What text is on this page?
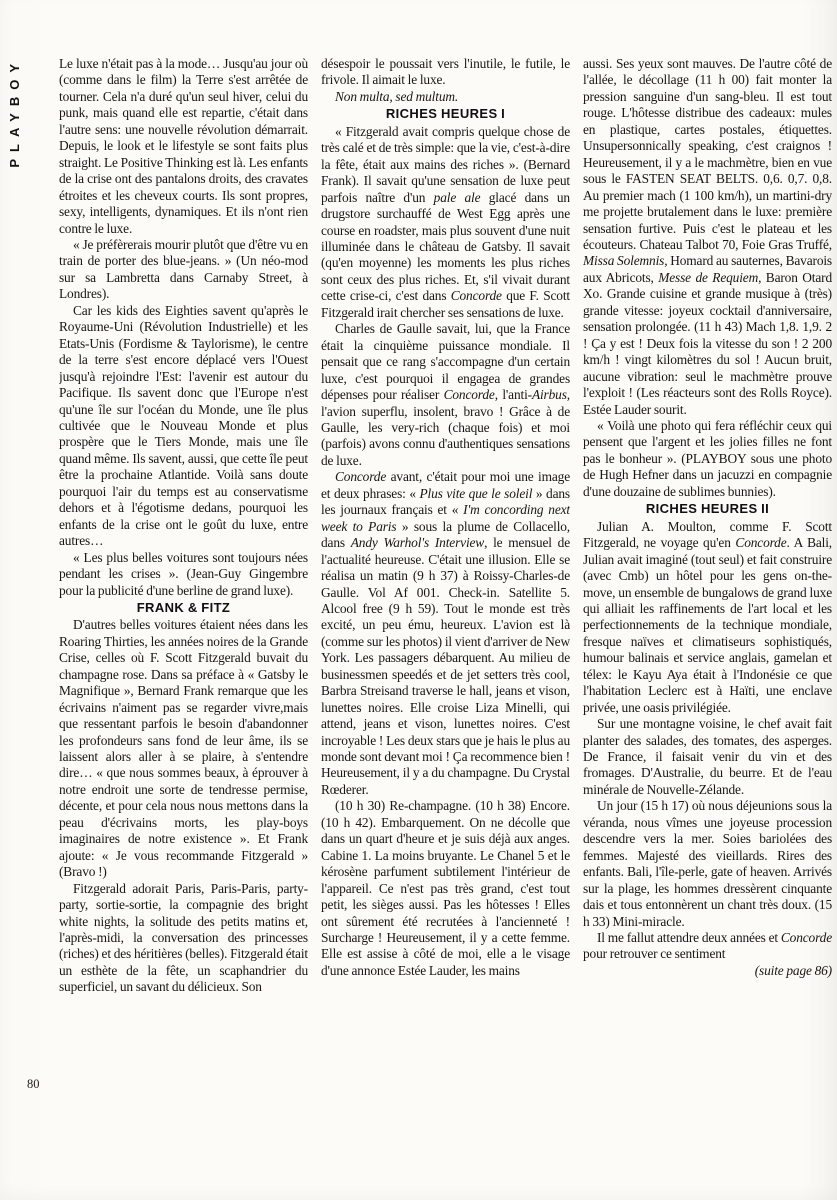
PLAYBOY
80

Le luxe n'était pas à la mode… Jusqu'au jour où (comme dans le film) la Terre s'est arrêtée de tourner. Cela n'a duré qu'un seul hiver, celui du punk, mais quand elle est repartie, c'était dans l'autre sens: une nouvelle révolution démarrait. Depuis, le look et le lifestyle se sont faits plus straight. Le Positive Thinking est là. Les enfants de la crise ont des pantalons droits, des cravates étroites et les cheveux courts. Ils sont propres, sexy, intelligents, dynamiques. Et ils n'ont rien contre le luxe.

« Je préfèrerais mourir plutôt que d'être vu en train de porter des blue-jeans. » (Un néo-mod sur sa Lambretta dans Carnaby Street, à Londres).

Car les kids des Eighties savent qu'après le Royaume-Uni (Révolution Industrielle) et les Etats-Unis (Fordisme & Taylorisme), le centre de la terre s'est encore déplacé vers l'Ouest jusqu'à rejoindre l'Est: l'avenir est autour du Pacifique. Ils savent donc que l'Europe n'est qu'une île sur l'océan du Monde, une île plus cultivée que le Nouveau Monde et plus prospère que le Tiers Monde, mais une île quand même. Ils savent, aussi, que cette île peut être la prochaine Atlantide. Voilà sans doute pourquoi l'air du temps est au conservatisme dehors et à l'égotisme dedans, pourquoi les enfants de la crise ont le goût du luxe, entre autres…

« Les plus belles voitures sont toujours nées pendant les crises ». (Jean-Guy Gingembre pour la publicité d'une berline de grand luxe).

FRANK & FITZ

D'autres belles voitures étaient nées dans les Roaring Thirties, les années noires de la Grande Crise, celles où F. Scott Fitzgerald buvait du champagne rose. Dans sa préface à « Gatsby le Magnifique », Bernard Frank remarque que les écrivains n'aiment pas se regarder vivre,mais que ressentant parfois le besoin d'abandonner les profondeurs sans fond de leur âme, ils se laissent alors aller à se plaire, à s'entendre dire… « que nous sommes beaux, à éprouver à notre endroit une sorte de tendresse permise, décente, et pour cela nous nous mettons dans la peau d'écrivains morts, les play-boys imaginaires de notre existence ». Et Frank ajoute: « Je vous recommande Fitzgerald » (Bravo !)

Fitzgerald adorait Paris, Paris-Paris, party-party, sortie-sortie, la compagnie des bright white nights, la solitude des petits matins et, l'après-midi, la conversation des princesses (riches) et des héritières (belles). Fitzgerald était un esthète de la fête, un scaphandrier du superficiel, un savant du délicieux. Son

désespoir le poussait vers l'inutile, le futile, le frivole. Il aimait le luxe.

Non multa, sed multum.

RICHES HEURES I

« Fitzgerald avait compris quelque chose de très calé et de très simple: que la vie, c'est-à-dire la fête, était aux mains des riches ». (Bernard Frank). Il savait qu'une sensation de luxe peut parfois naître d'un pale ale glacé dans un drugstore surchauffé de West Egg après une course en roadster, mais plus souvent d'une nuit illuminée dans le château de Gatsby. Il savait (qu'en moyenne) les moments les plus riches sont ceux des plus riches. Et, s'il vivait durant cette crise-ci, c'est dans Concorde que F. Scott Fitzgerald irait chercher ses sensations de luxe.

Charles de Gaulle savait, lui, que la France était la cinquième puissance mondiale. Il pensait que ce rang s'accompagne d'un certain luxe, c'est pourquoi il engagea de grandes dépenses pour réaliser Concorde, l'anti-Airbus, l'avion superflu, insolent, bravo ! Grâce à de Gaulle, les very-rich (chaque fois) et moi (parfois) avons connu d'authentiques sensations de luxe.

Concorde avant, c'était pour moi une image et deux phrases: « Plus vite que le soleil » dans les journaux français et « I'm concording next week to Paris » sous la plume de Collacello, dans Andy Warhol's Interview, le mensuel de l'actualité heureuse. C'était une illusion. Elle se réalisa un matin (9 h 37) à Roissy-Charles-de Gaulle. Vol Af 001. Check-in. Satellite 5. Alcool free (9 h 59). Tout le monde est très excité, un peu ému, heureux. L'avion est là (comme sur les photos) il vient d'arriver de New York. Les passagers débarquent. Au milieu de businessmen speedés et de jet setters très cool, Barbra Streisand traverse le hall, jeans et vison, lunettes noires. Elle croise Liza Minelli, qui attend, jeans et vison, lunettes noires. C'est incroyable ! Les deux stars que je hais le plus au monde sont devant moi ! Ça recommence bien ! Heureusement, il y a du champagne. Du Crystal Rœderer.

(10 h 30) Re-champagne. (10 h 38) Encore. (10 h 42). Embarquement. On ne décolle que dans un quart d'heure et je suis déjà aux anges. Cabine 1. La moins bruyante. Le Chanel 5 et le kérosène parfument subtilement l'intérieur de l'appareil. Ce n'est pas très grand, c'est tout petit, les sièges aussi. Pas les hôtesses ! Elles ont sûrement été recrutées à l'ancienneté ! Surcharge ! Heureusement, il y a cette femme. Elle est assise à côté de moi, elle a le visage d'une annonce Estée Lauder, les mains

aussi. Ses yeux sont mauves. De l'autre côté de l'allée, le décollage (11 h 00) fait monter la pression sanguine d'un sang-bleu. Il est tout rouge. L'hôtesse distribue des cadeaux: mules en plastique, cartes postales, étiquettes. Unsupersonnically speaking, c'est craignos ! Heureusement, il y a le machmètre, bien en vue sous le FASTEN SEAT BELTS. 0,6. 0,7. 0,8. Au premier mach (1 100 km/h), un martini-dry me projette brutalement dans le luxe: première sensation furtive. Puis c'est le plateau et les écouteurs. Chateau Talbot 70, Foie Gras Truffé, Missa Solemnis, Homard au sauternes, Bavarois aux Abricots, Messe de Requiem, Baron Otard Xo. Grande cuisine et grande musique à (très) grande vitesse: joyeux cocktail d'anniversaire, sensation prolongée. (11 h 43) Mach 1,8. 1,9. 2 ! Ça y est ! Deux fois la vitesse du son ! 2 200 km/h ! vingt kilomètres du sol ! Aucun bruit, aucune vibration: seul le machmètre prouve l'exploit ! (Les réacteurs sont des Rolls Royce). Estée Lauder sourit.

« Voilà une photo qui fera réfléchir ceux qui pensent que l'argent et les jolies filles ne font pas le bonheur ». (PLAYBOY sous une photo de Hugh Hefner dans un jacuzzi en compagnie d'une douzaine de sublimes bunnies).

RICHES HEURES II

Julian A. Moulton, comme F. Scott Fitzgerald, ne voyage qu'en Concorde. A Bali, Julian avait imaginé (tout seul) et fait construire (avec Cmb) un hôtel pour les gens on-the-move, un ensemble de bungalows de grand luxe qui alliait les raffinements de l'art local et les perfectionnements de la technique mondiale, fresque naïves et climatiseurs sophistiqués, humour balinais et service anglais, gamelan et télex: le Kayu Aya était à l'Indonésie ce que l'habitation Leclerc est à Haïti, une enclave privée, une oasis privilégiée.

Sur une montagne voisine, le chef avait fait planter des salades, des tomates, des asperges. De France, il faisait venir du vin et des fromages. D'Australie, du beurre. Et de l'eau minérale de Nouvelle-Zélande.

Un jour (15 h 17) où nous déjeunions sous la véranda, nous vîmes une joyeuse procession descendre vers la mer. Soies bariolées des femmes. Majesté des vieillards. Rires des enfants. Bali, l'île-perle, gate of heaven. Arrivés sur la plage, les hommes dressèrent cinquante dais et tous entonnèrent un chant très doux. (15 h 33) Mini-miracle.

Il me fallut attendre deux années et Concorde pour retrouver ce sentiment

(suite page 86)
